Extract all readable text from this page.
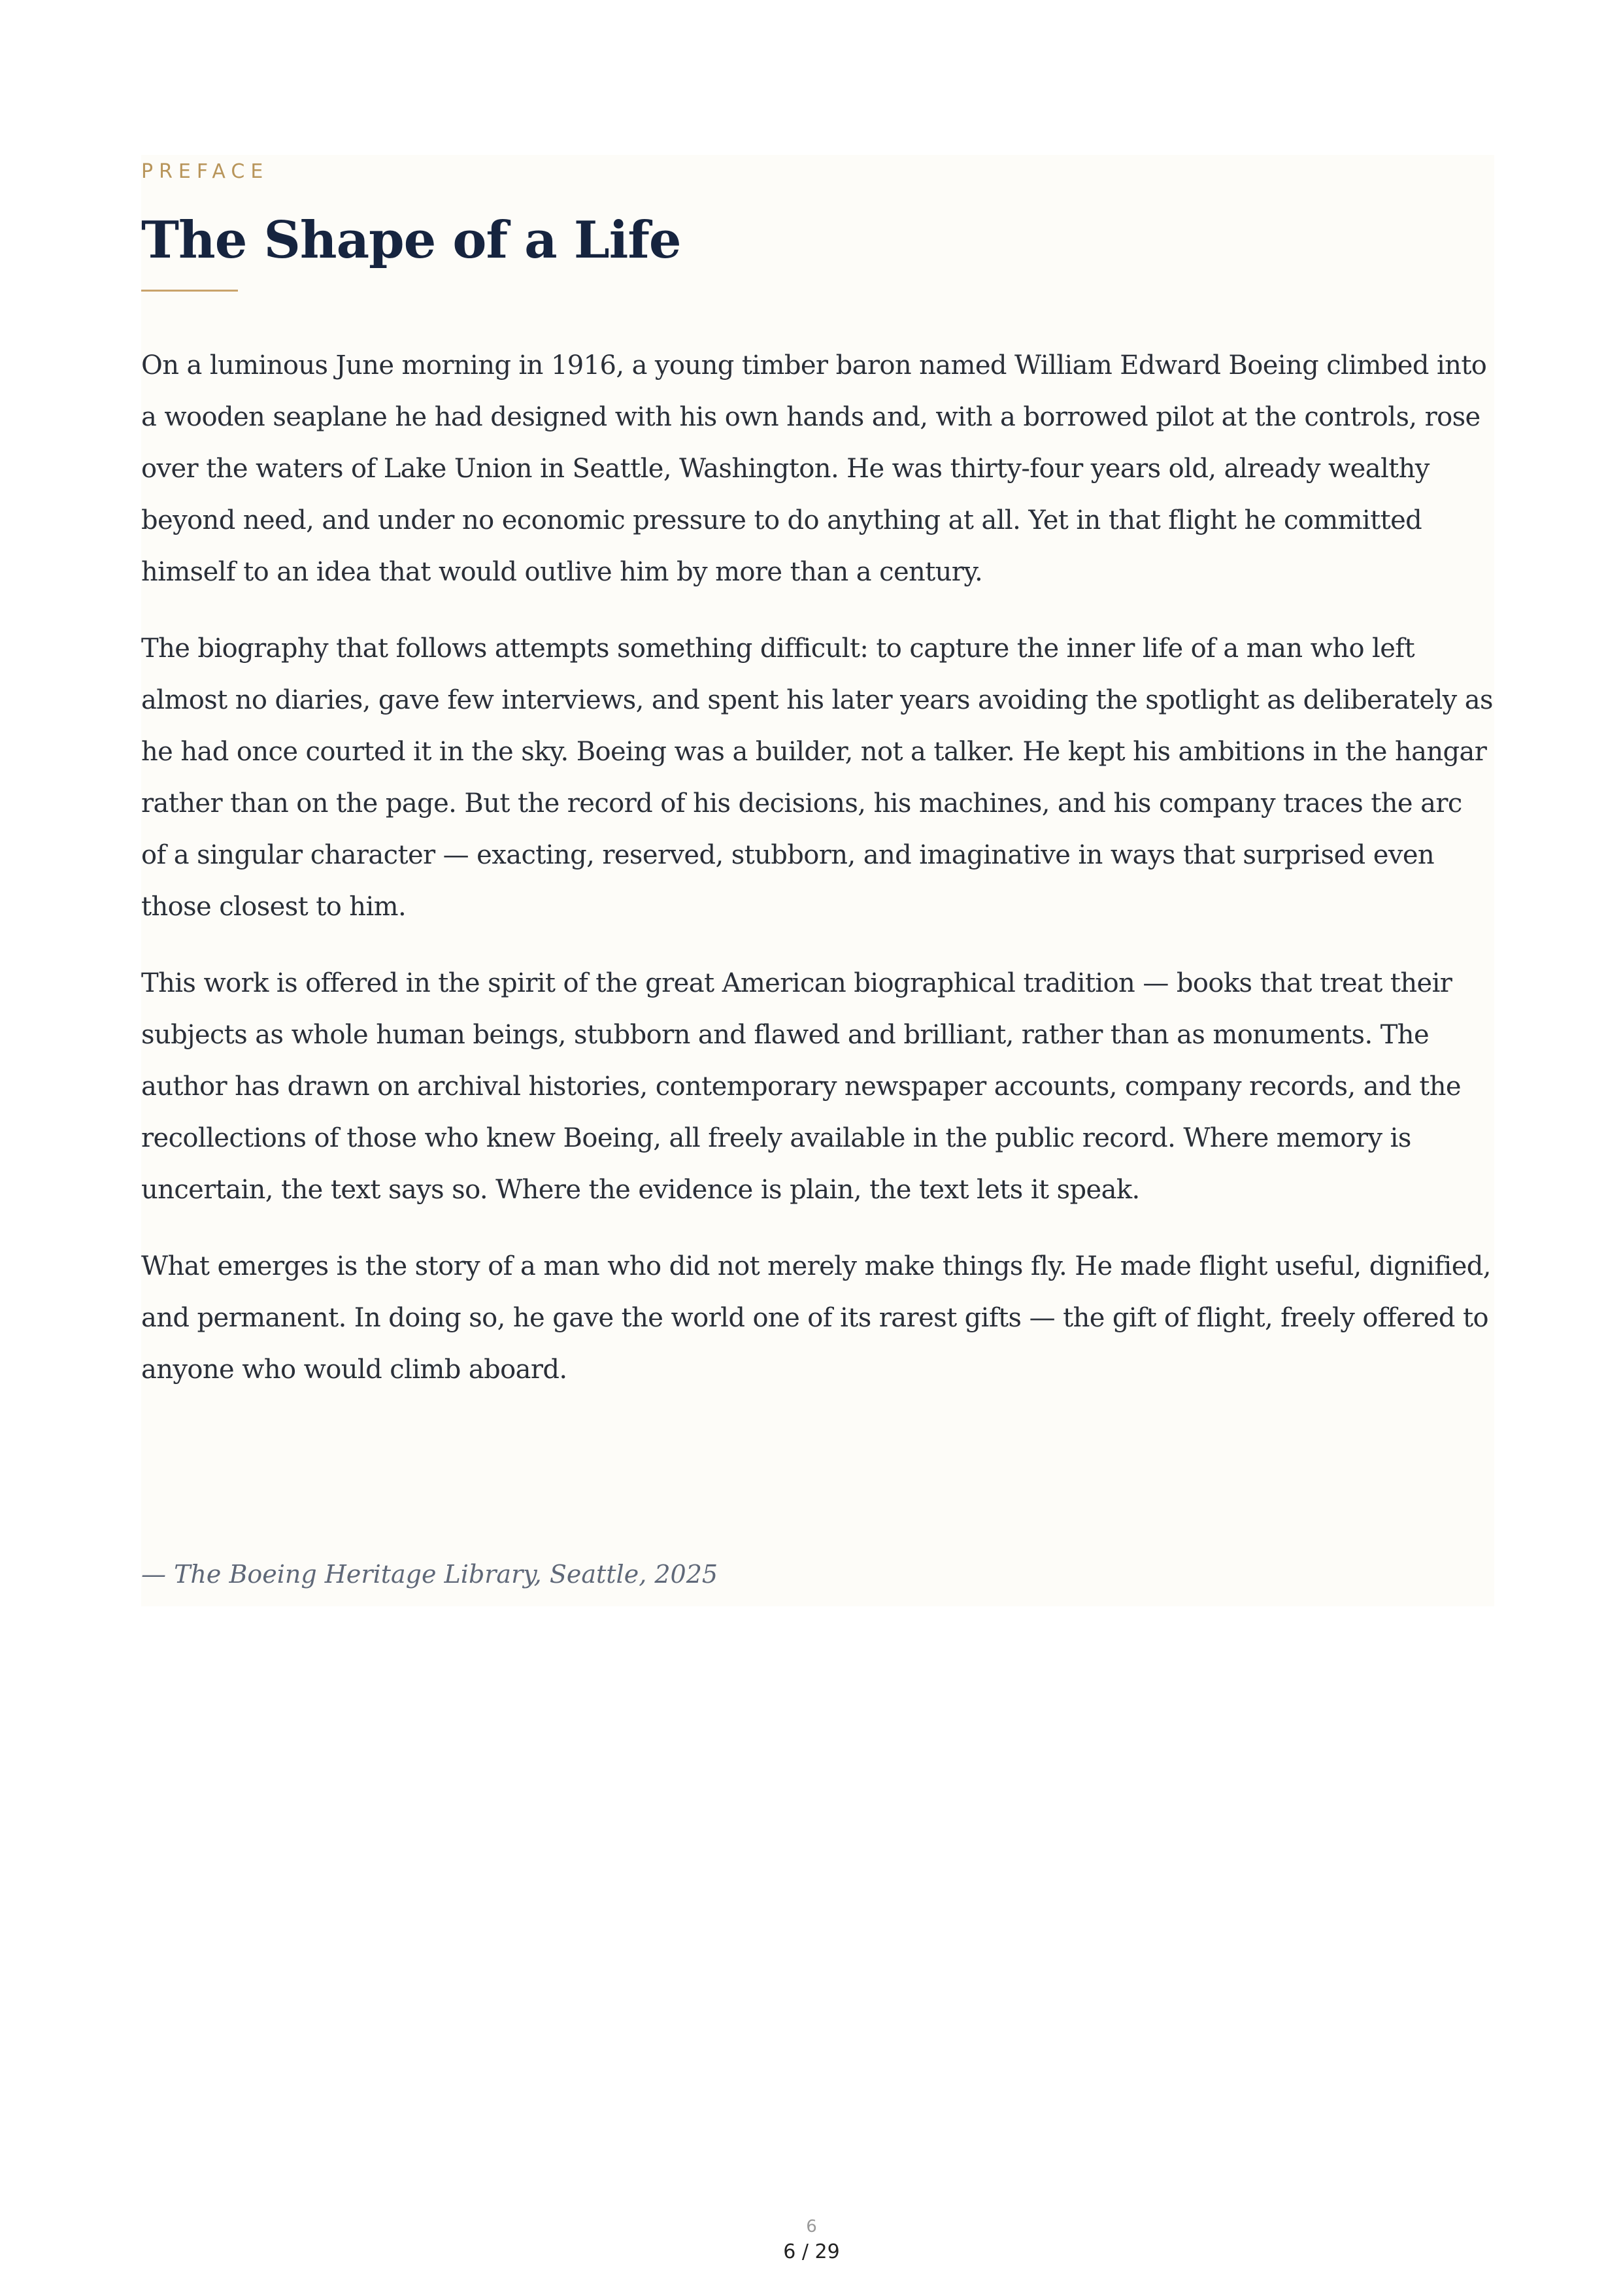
PREFACE
The Shape of a Life

On a luminous June morning in 1916, a young timber baron named William Edward Boeing climbed into a wooden seaplane he had designed with his own hands and, with a borrowed pilot at the controls, rose over the waters of Lake Union in Seattle, Washington. He was thirty-four years old, already wealthy beyond need, and under no economic pressure to do anything at all. Yet in that flight he committed himself to an idea that would outlive him by more than a century.

The biography that follows attempts something difficult: to capture the inner life of a man who left almost no diaries, gave few interviews, and spent his later years avoiding the spotlight as deliberately as he had once courted it in the sky. Boeing was a builder, not a talker. He kept his ambitions in the hangar rather than on the page. But the record of his decisions, his machines, and his company traces the arc of a singular character — exacting, reserved, stubborn, and imaginative in ways that surprised even those closest to him.

This work is offered in the spirit of the great American biographical tradition — books that treat their subjects as whole human beings, stubborn and flawed and brilliant, rather than as monuments. The author has drawn on archival histories, contemporary newspaper accounts, company records, and the recollections of those who knew Boeing, all freely available in the public record. Where memory is uncertain, the text says so. Where the evidence is plain, the text lets it speak.

What emerges is the story of a man who did not merely make things fly. He made flight useful, dignified, and permanent. In doing so, he gave the world one of its rarest gifts — the gift of flight, freely offered to anyone who would climb aboard.

— The Boeing Heritage Library, Seattle, 2025
6
6 / 29
